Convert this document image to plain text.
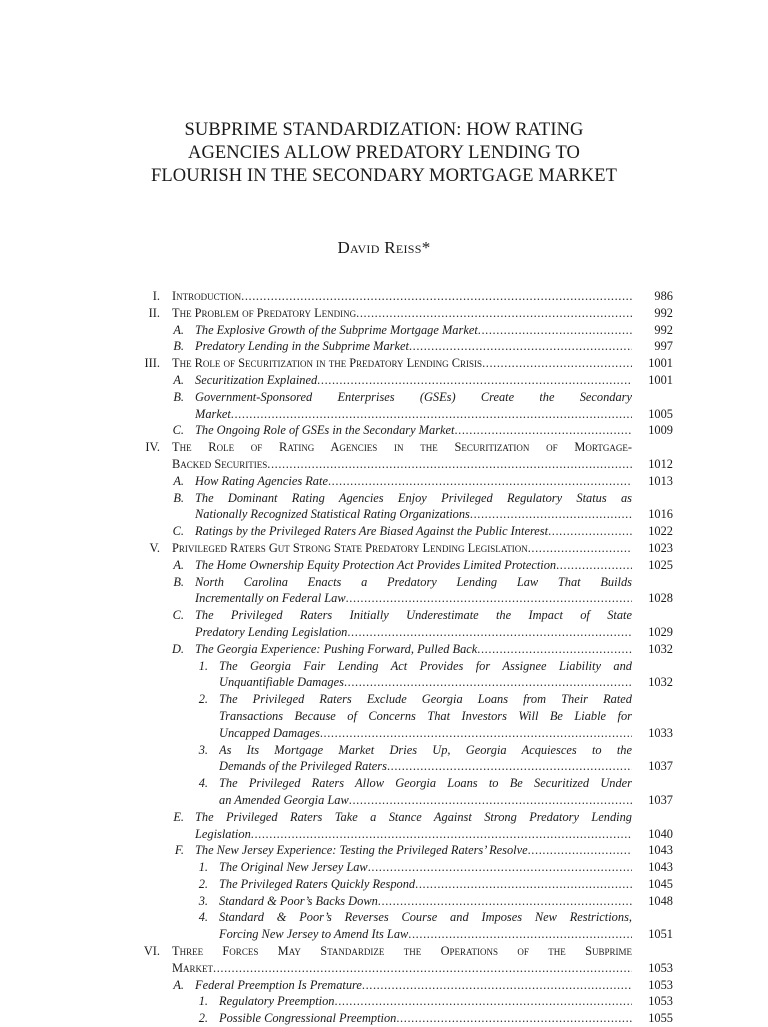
SUBPRIME STANDARDIZATION: HOW RATING AGENCIES ALLOW PREDATORY LENDING TO FLOURISH IN THE SECONDARY MORTGAGE MARKET
David Reiss*
I. Introduction .....	986
II. The Problem of Predatory Lending .....	992
A. The Explosive Growth of the Subprime Mortgage Market .....	992
B. Predatory Lending in the Subprime Market .....	997
III. The Role of Securitization in the Predatory Lending Crisis .....	1001
A. Securitization Explained .....	1001
B. Government-Sponsored Enterprises (GSEs) Create the Secondary
Market .....	1005
C. The Ongoing Role of GSEs in the Secondary Market .....	1009
IV. The Role of Rating Agencies in the Securitization of Mortgage-
Backed Securities .....	1012
A. How Rating Agencies Rate .....	1013
B. The Dominant Rating Agencies Enjoy Privileged Regulatory Status as
Nationally Recognized Statistical Rating Organizations .....	1016
C. Ratings by the Privileged Raters Are Biased Against the Public Interest .....	1022
V. Privileged Raters Gut Strong State Predatory Lending Legislation .....	1023
A. The Home Ownership Equity Protection Act Provides Limited Protection .....	1025
B. North Carolina Enacts a Predatory Lending Law That Builds
Incrementally on Federal Law .....	1028
C. The Privileged Raters Initially Underestimate the Impact of State
Predatory Lending Legislation .....	1029
D. The Georgia Experience: Pushing Forward, Pulled Back .....	1032
1. The Georgia Fair Lending Act Provides for Assignee Liability and
Unquantifiable Damages .....	1032
2. The Privileged Raters Exclude Georgia Loans from Their Rated
Transactions Because of Concerns That Investors Will Be Liable for
Uncapped Damages .....	1033
3. As Its Mortgage Market Dries Up, Georgia Acquiesces to the
Demands of the Privileged Raters .....	1037
4. The Privileged Raters Allow Georgia Loans to Be Securitized Under
an Amended Georgia Law .....	1037
E. The Privileged Raters Take a Stance Against Strong Predatory Lending
Legislation .....	1040
F. The New Jersey Experience: Testing the Privileged Raters’ Resolve .....	1043
1. The Original New Jersey Law .....	1043
2. The Privileged Raters Quickly Respond .....	1045
3. Standard & Poor’s Backs Down .....	1048
4. Standard & Poor’s Reverses Course and Imposes New Restrictions,
Forcing New Jersey to Amend Its Law .....	1051
VI. Three Forces May Standardize the Operations of the Subprime
Market .....	1053
A. Federal Preemption Is Premature .....	1053
1. Regulatory Preemption .....	1053
2. Possible Congressional Preemption .....	1055
